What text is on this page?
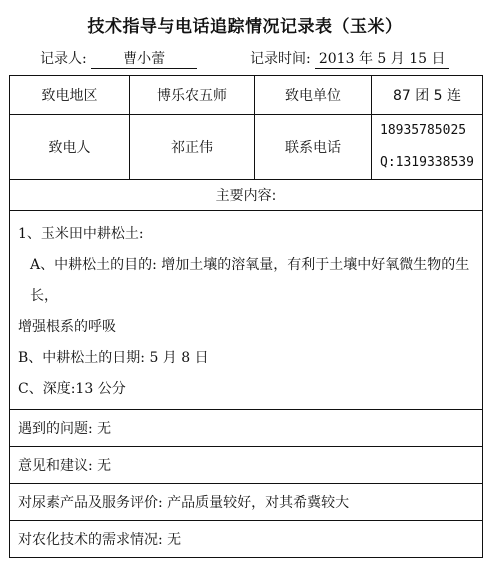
技术指导与电话追踪情况记录表（玉米）
记录人:	曹小蕾	记录时间: 2013 年 5 月 15 日
致电地区	博乐农五师	致电单位	87 团 5 连
致电人	祁正伟	联系电话	18935785025
Q:1319338539

主要内容:			

1、玉米田中耕松土:

A、中耕松土的目的: 增加土壤的溶氧量，有利于土壤中好氧微生物的生长，

增强根系的呼吸

B、中耕松土的日期: 5 月 8 日

C、深度:13 公分			

遇到的问题: 无			
意见和建议: 无			
对尿素产品及服务评价: 产品质量较好，对其希冀较大			
对农化技术的需求情况: 无			
